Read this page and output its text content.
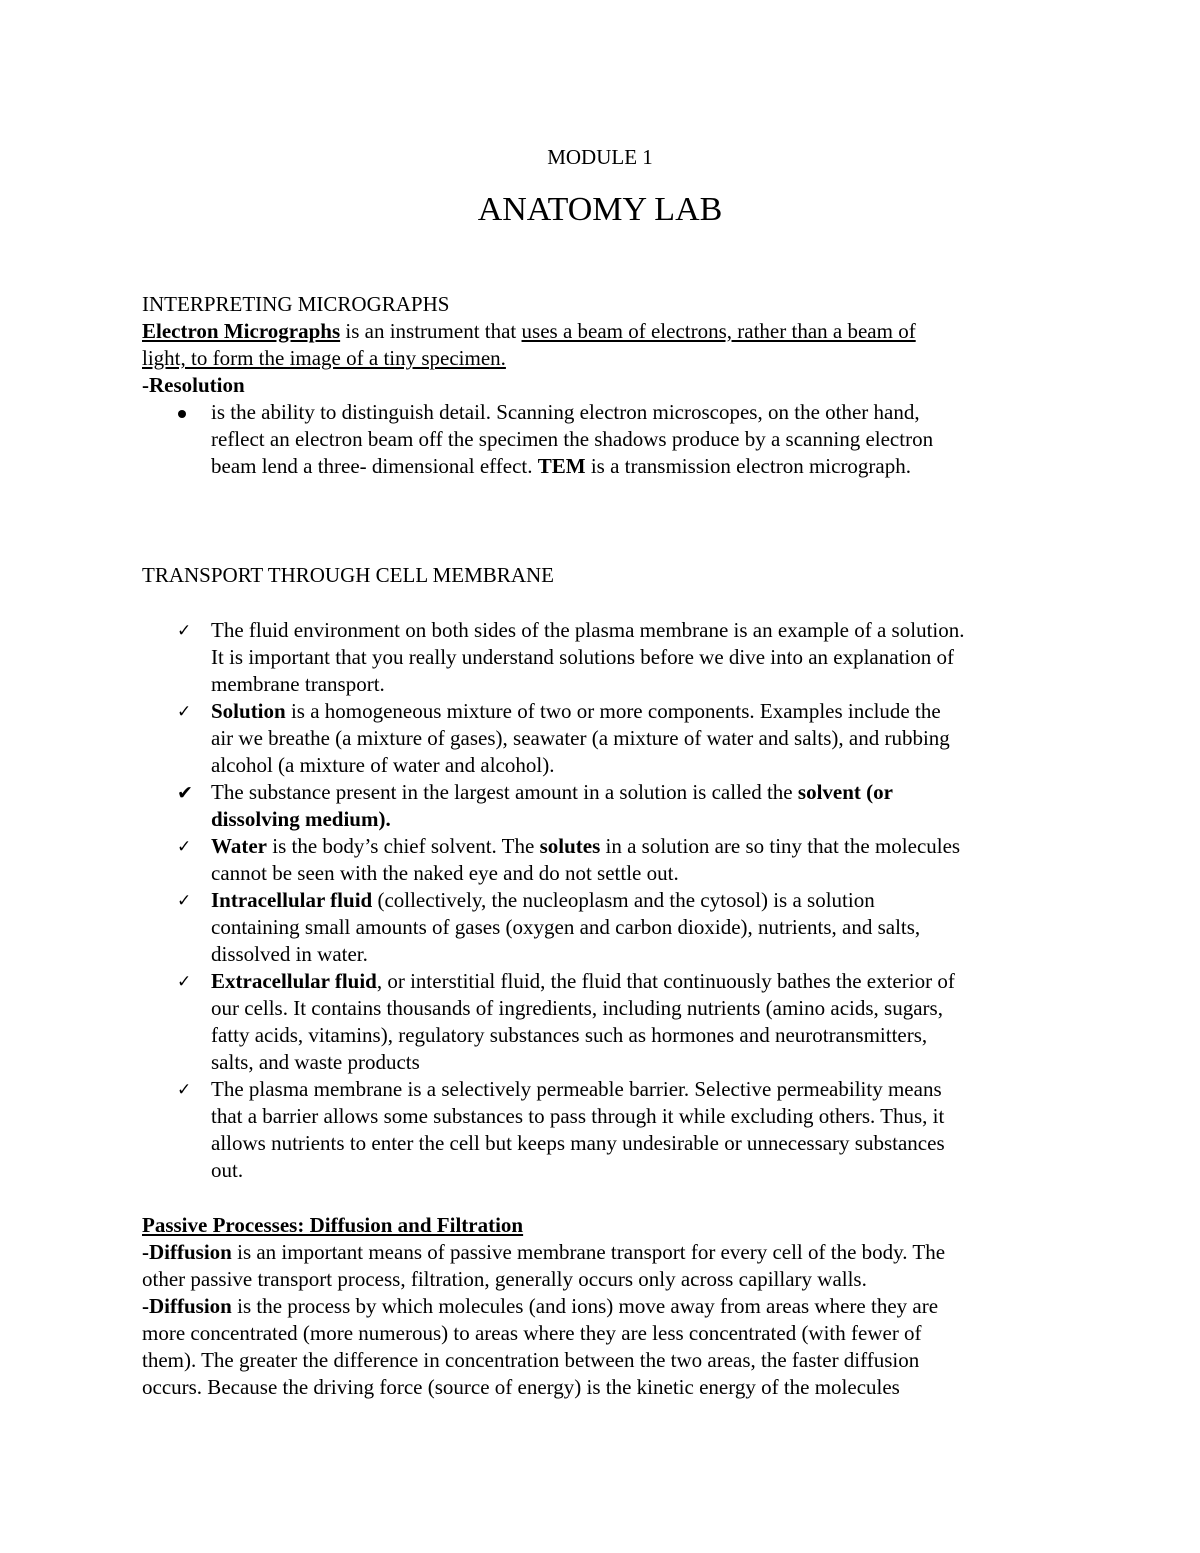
MODULE 1
ANATOMY LAB
INTERPRETING MICROGRAPHS
Electron Micrographs is an instrument that uses a beam of electrons, rather than a beam of
light, to form the image of a tiny specimen.
-Resolution
is the ability to distinguish detail. Scanning electron microscopes, on the other hand,
reflect an electron beam off the specimen the shadows produce by a scanning electron
beam lend a three- dimensional effect. TEM is a transmission electron micrograph.
TRANSPORT THROUGH CELL MEMBRANE
✓ The fluid environment on both sides of the plasma membrane is an example of a solution.
It is important that you really understand solutions before we dive into an explanation of
membrane transport.
✓ Solution is a homogeneous mixture of two or more components. Examples include the
air we breathe (a mixture of gases), seawater (a mixture of water and salts), and rubbing
alcohol (a mixture of water and alcohol).
✔ The substance present in the largest amount in a solution is called the solvent (or
dissolving medium).
✓ Water is the body’s chief solvent. The solutes in a solution are so tiny that the molecules
cannot be seen with the naked eye and do not settle out.
✓ Intracellular fluid (collectively, the nucleoplasm and the cytosol) is a solution
containing small amounts of gases (oxygen and carbon dioxide), nutrients, and salts,
dissolved in water.
✓ Extracellular fluid, or interstitial fluid, the fluid that continuously bathes the exterior of
our cells. It contains thousands of ingredients, including nutrients (amino acids, sugars,
fatty acids, vitamins), regulatory substances such as hormones and neurotransmitters,
salts, and waste products
✓ The plasma membrane is a selectively permeable barrier. Selective permeability means
that a barrier allows some substances to pass through it while excluding others. Thus, it
allows nutrients to enter the cell but keeps many undesirable or unnecessary substances
out.
Passive Processes: Diffusion and Filtration
-Diffusion is an important means of passive membrane transport for every cell of the body. The
other passive transport process, filtration, generally occurs only across capillary walls.
-Diffusion is the process by which molecules (and ions) move away from areas where they are
more concentrated (more numerous) to areas where they are less concentrated (with fewer of
them). The greater the difference in concentration between the two areas, the faster diffusion
occurs. Because the driving force (source of energy) is the kinetic energy of the molecules
